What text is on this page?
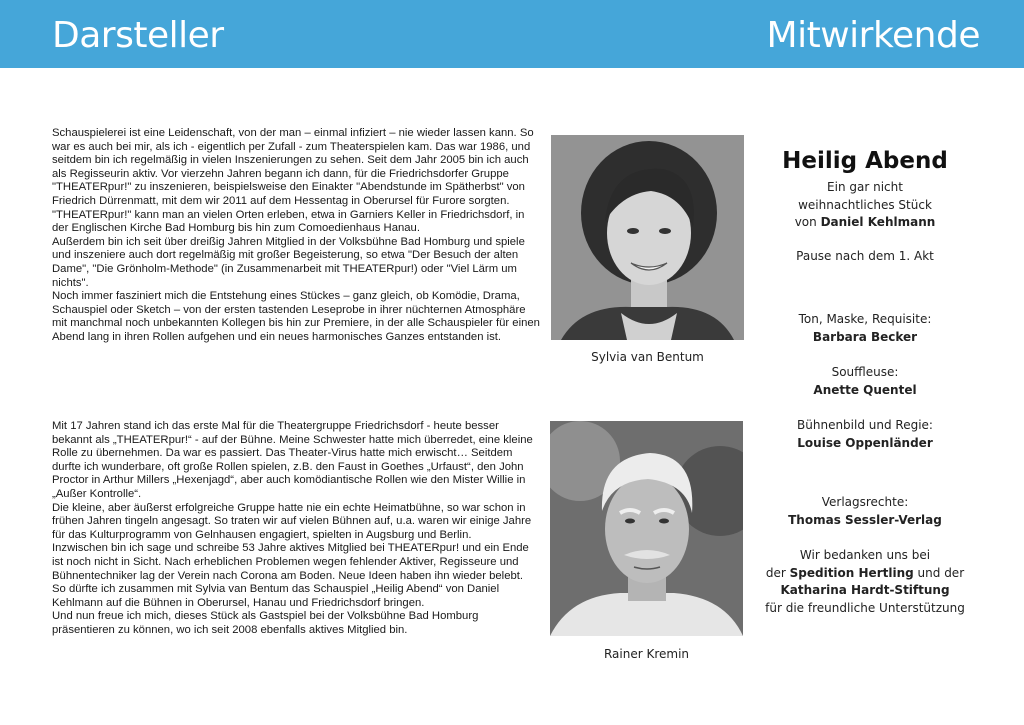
Darsteller	Mitwirkende

Schauspielerei ist eine Leidenschaft, von der man – einmal infiziert – nie wieder lassen kann. So war es auch bei mir, als ich - eigentlich per Zufall - zum Theaterspielen kam. Das war 1986, und seitdem bin ich regelmäßig in vielen Inszenierungen zu sehen. Seit dem Jahr 2005 bin ich auch als Regisseurin aktiv. Vor vierzehn Jahren begann ich dann, für die Friedrichsdorfer Gruppe "THEATERpur!" zu inszenieren, beispielsweise den Einakter "Abendstunde im Spätherbst" von Friedrich Dürrenmatt, mit dem wir 2011 auf dem Hessentag in Oberursel für Furore sorgten. "THEATERpur!" kann man an vielen Orten erleben, etwa in Garniers Keller in Friedrichsdorf, in der Englischen Kirche Bad Homburg bis hin zum Comoedienhaus Hanau.

Außerdem bin ich seit über dreißig Jahren Mitglied in der Volksbühne Bad Homburg und spiele und inszeniere auch dort regelmäßig mit großer Begeisterung, so etwa "Der Besuch der alten Dame", "Die Grönholm-Methode" (in Zusammenarbeit mit THEATERpur!) oder "Viel Lärm um nichts".

Noch immer fasziniert mich die Entstehung eines Stückes – ganz gleich, ob Komödie, Drama, Schauspiel oder Sketch – von der ersten tastenden Leseprobe in ihrer nüchternen Atmosphäre mit manchmal noch unbekannten Kollegen bis hin zur Premiere, in der alle Schauspieler für einen Abend lang in ihren Rollen aufgehen und ein neues harmonisches Ganzes entstanden ist.

Sylvia van Bentum

Mit 17 Jahren stand ich das erste Mal für die Theatergruppe Friedrichsdorf - heute besser bekannt als „THEATERpur!“ - auf der Bühne. Meine Schwester hatte mich überredet, eine kleine Rolle zu übernehmen. Da war es passiert. Das Theater-Virus hatte mich erwischt… Seitdem durfte ich wunderbare, oft große Rollen spielen, z.B. den Faust in Goethes „Urfaust“, den John Proctor in Arthur Millers „Hexenjagd“, aber auch komödiantische Rollen wie den Mister Willie in „Außer Kontrolle“.

Die kleine, aber äußerst erfolgreiche Gruppe hatte nie ein echte Heimatbühne, so war schon in frühen Jahren tingeln angesagt. So traten wir auf vielen Bühnen auf, u.a. waren wir einige Jahre für das Kulturprogramm von Gelnhausen engagiert, spielten in Augsburg und Berlin.

Inzwischen bin ich sage und schreibe 53 Jahre aktives Mitglied bei THEATERpur! und ein Ende ist noch nicht in Sicht. Nach erheblichen Problemen wegen fehlender Aktiver, Regisseure und Bühnentechniker lag der Verein nach Corona am Boden. Neue Ideen haben ihn wieder belebt.

So dürfte ich zusammen mit Sylvia van Bentum das Schauspiel „Heilig Abend“ von Daniel Kehlmann auf die Bühnen in Oberursel, Hanau und Friedrichsdorf bringen.

Und nun freue ich mich, dieses Stück als Gastspiel bei der Volksbühne Bad Homburg präsentieren zu können, wo ich seit 2008 ebenfalls aktives Mitglied bin.

Rainer Kremin
Heilig Abend
Ein gar nicht
weihnachtliches Stück
von Daniel Kehlmann
Pause nach dem 1. Akt
Ton, Maske, Requisite:
Barbara Becker
Souffleuse:
Anette Quentel
Bühnenbild und Regie:
Louise Oppenländer
Verlagsrechte:
Thomas Sessler-Verlag
Wir bedanken uns bei
der Spedition Hertling und der
Katharina Hardt-Stiftung
für die freundliche Unterstützung
